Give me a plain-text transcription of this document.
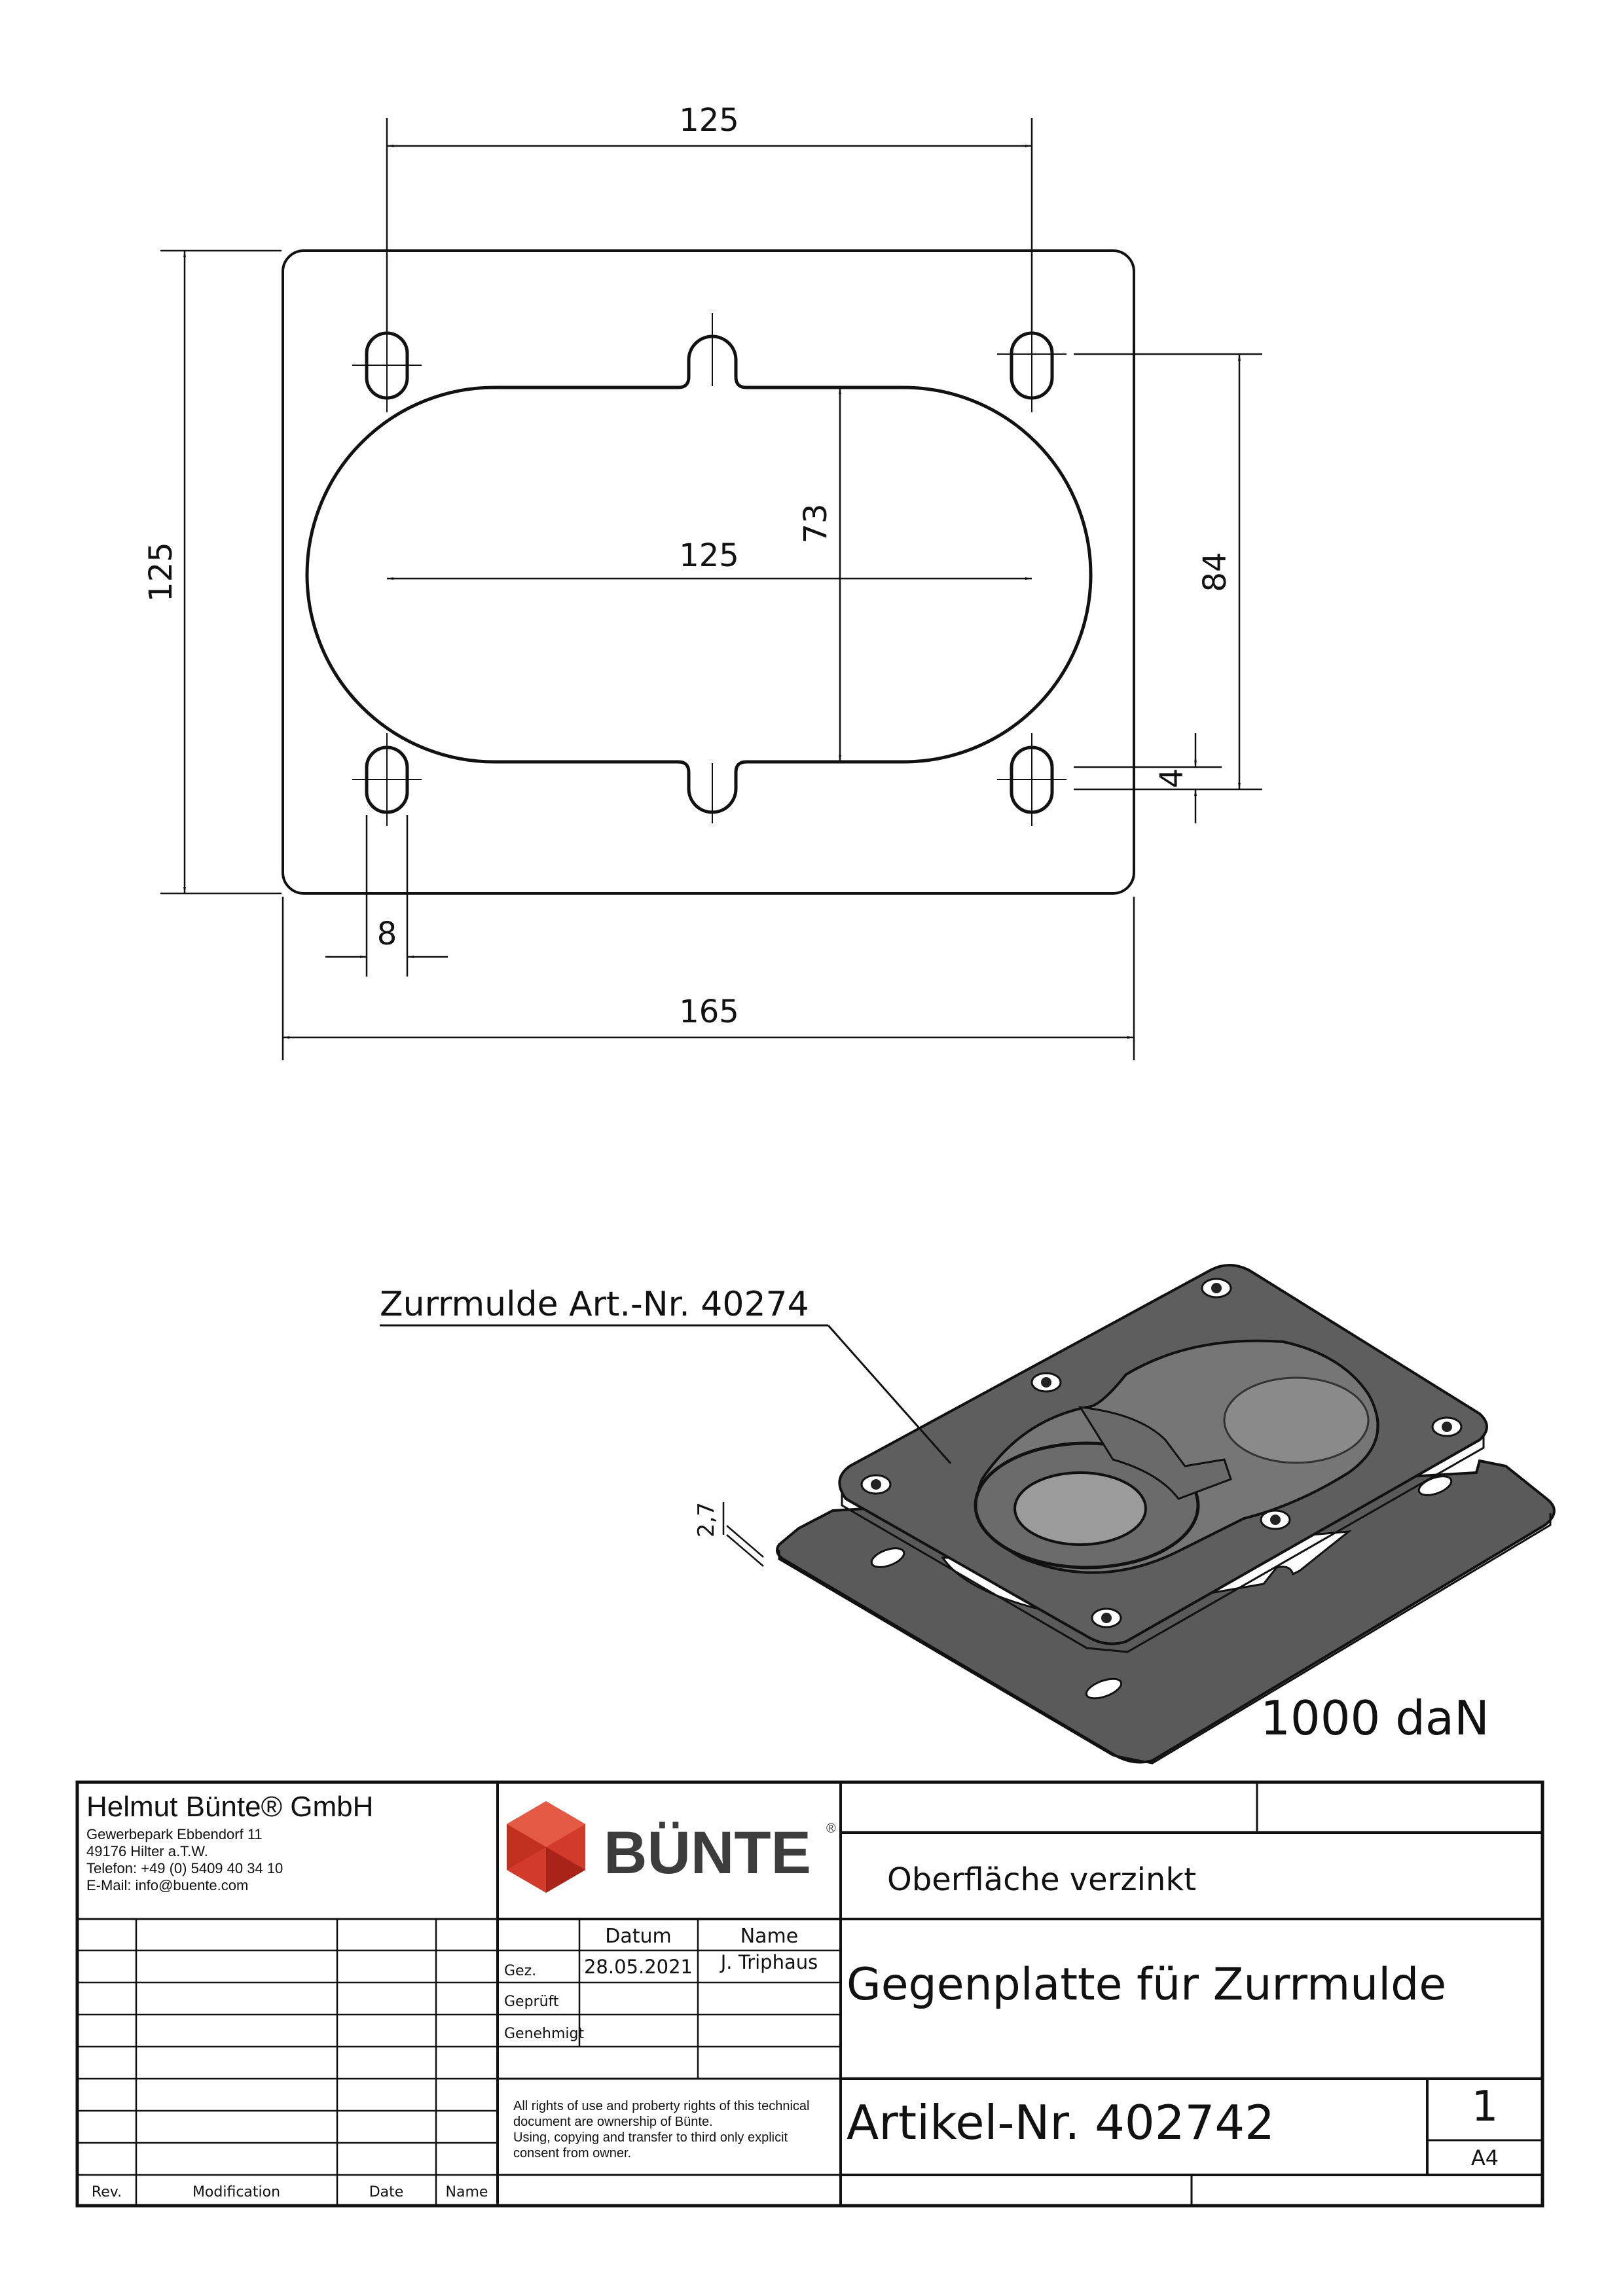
125
125	125
73
84
4
8
165
Zurrmulde Art.-Nr. 40274
2,7
1000 daN
Helmut Bünte® GmbH
Gewerbepark Ebbendorf 11
49176 Hilter a.T.W.
Telefon: +49 (0) 5409 40 34 10
E-Mail: info@buente.com	BÜNTE ®
Oberfläche verzinkt
Datum	Name
Gez.	28.05.2021 J. Triphaus
Geprüft
Genehmigt
All rights of use and proberty rights of this technical
document are ownership of Bünte.
Using, copying and transfer to third only explicit
consent from owner.
Gegenplatte für Zurrmulde
Artikel-Nr. 402742	1
A4
Rev.	Modification	Date	Name
